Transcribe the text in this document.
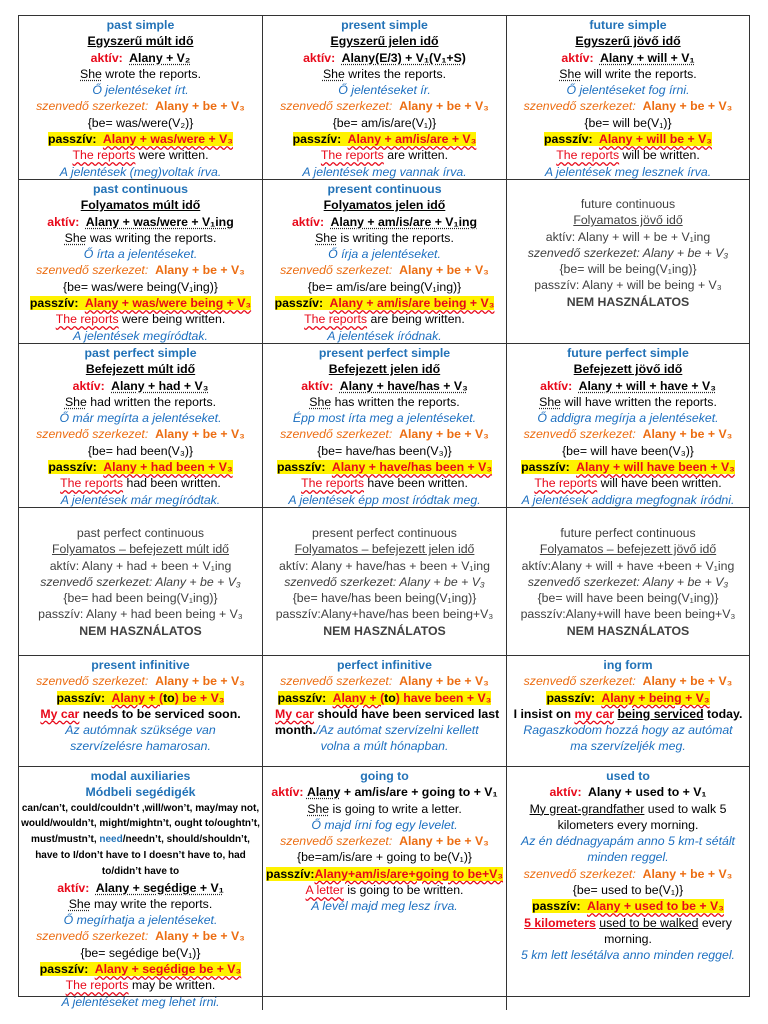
past simple
Egyszerű múlt idő
aktív: Alany + V₂
She wrote the reports.
Ő jelentéseket írt.
szenvedő szerkezet: Alany + be + V₃
{be= was/were(V₂)}
passzív: Alany + was/were + V₃
The reports were written.
A jelentések (meg)voltak írva.
present simple
Egyszerű jelen idő
aktív: Alany(E/3) + V₁(V₁+S)
She writes the reports.
Ő jelentéseket ír.
szenvedő szerkezet: Alany + be + V₃
{be= am/is/are(V₁)}
passzív: Alany + am/is/are + V₃
The reports are written.
A jelentések meg vannak írva.
future simple
Egyszerű jövő idő
aktív: Alany + will + V₁
She will write the reports.
Ő jelentéseket fog írni.
szenvedő szerkezet: Alany + be + V₃
{be= will be(V₁)}
passzív: Alany + will be + V₃
The reports will be written.
A jelentések meg lesznek írva.
past continuous
Folyamatos múlt idő
aktív: Alany + was/were + V₁ing
She was writing the reports.
Ő írta a jelentéseket.
szenvedő szerkezet: Alany + be + V₃
{be= was/were being(V₁ing)}
passzív: Alany + was/were being + V₃
The reports were being written.
A jelentések megíródtak.
present continuous
Folyamatos jelen idő
aktív: Alany + am/is/are + V₁ing
She is writing the reports.
Ő írja a jelentéseket.
szenvedő szerkezet: Alany + be + V₃
{be= am/is/are being(V₁ing)}
passzív: Alany + am/is/are being + V₃
The reports are being written.
A jelentések íródnak.
future continuous
Folyamatos jövő idő
aktív: Alany + will + be + V₁ing
szenvedő szerkezet: Alany + be + V₃
{be= will be being(V₁ing)}
passzív: Alany + will be being + V₃
NEM HASZNÁLATOS
past perfect simple
Befejezett múlt idő
aktív: Alany + had + V₃
She had written the reports.
Ő már megírta a jelentéseket.
szenvedő szerkezet: Alany + be + V₃
{be= had been(V₃)}
passzív: Alany + had been + V₃
The reports had been written.
A jelentések már megíródtak.
present perfect simple
Befejezett jelen idő
aktív: Alany + have/has + V₃
She has written the reports.
Épp most írta meg a jelentéseket.
szenvedő szerkezet: Alany + be + V₃
{be= have/has been(V₃)}
passzív: Alany + have/has been + V₃
The reports have been written.
A jelentések épp most íródtak meg.
future perfect simple
Befejezett jövő idő
aktív: Alany + will + have + V₃
She will have written the reports.
Ő addigra megírja a jelentéseket.
szenvedő szerkezet: Alany + be + V₃
{be= will have been(V₃)}
passzív: Alany + will have been + V₃
The reports will have been written.
A jelentések addigra megfognak íródni.
past perfect continuous
Folyamatos – befejezett múlt idő
aktív: Alany + had + been + V₁ing
szenvedő szerkezet: Alany + be + V₃
{be= had been being(V₁ing)}
passzív: Alany + had been being + V₃
NEM HASZNÁLATOS
present perfect continuous
Folyamatos – befejezett jelen idő
aktív: Alany + have/has + been + V₁ing
szenvedő szerkezet: Alany + be + V₃
{be= have/has been being(V₁ing)}
passzív:Alany+have/has been being+V₃
NEM HASZNÁLATOS
future perfect continuous
Folyamatos – befejezett jövő idő
aktív:Alany + will + have +been + V₁ing
szenvedő szerkezet: Alany + be + V₃
{be= will have been being(V₁ing)}
passzív:Alany+will have been being+V₃
NEM HASZNÁLATOS
present infinitive
szenvedő szerkezet: Alany + be + V₃
passzív: Alany + (to) be + V₃
My car needs to be serviced soon.
Az autómnak szüksége van
szervízelésre hamarosan.
perfect infinitive
szenvedő szerkezet: Alany + be + V₃
passzív: Alany + (to) have been + V₃
My car should have been serviced last
month./Az autómat szervízelni kellett
volna a múlt hónapban.
ing form
szenvedő szerkezet: Alany + be + V₃
passzív: Alany + being + V₃
I insist on my car being serviced today.
Ragaszkodom hozzá hogy az autómat
ma szervízeljék meg.
modal auxiliaries
Módbeli segédigék
can/can’t, could/couldn’t ,will/won’t, may/may not, would/wouldn’t, might/mightn’t, ought to/oughtn’t, must/mustn’t, need/needn’t, should/shouldn’t, have to I/don’t have to I doesn’t have to, had to/didn’t have to
aktív: Alany + segédige + V₁
She may write the reports.
Ő megírhatja a jelentéseket.
szenvedő szerkezet: Alany + be + V₃
{be= segédige be(V₁)}
passzív: Alany + segédige be + V₃
The reports may be written.
A jelentéseket meg lehet írni.
going to
aktív: Alany + am/is/are + going to + V₁
She is going to write a letter.
Ő majd írni fog egy levelet.
szenvedő szerkezet: Alany + be + V₃
{be=am/is/are + going to be(V₁)}
passzív:Alany+am/is/are+going to be+V₃
A letter is going to be written.
A levél majd meg lesz írva.
used to
aktív: Alany + used to + V₁
My great-grandfather used to walk 5
kilometers every morning.
Az én dédnagyapám anno 5 km-t sétált
minden reggel.
szenvedő szerkezet: Alany + be + V₃
{be= used to be(V₁)}
passzív: Alany + used to be + V₃
5 kilometers used to be walked every
morning.
5 km lett lesétálva anno minden reggel.
